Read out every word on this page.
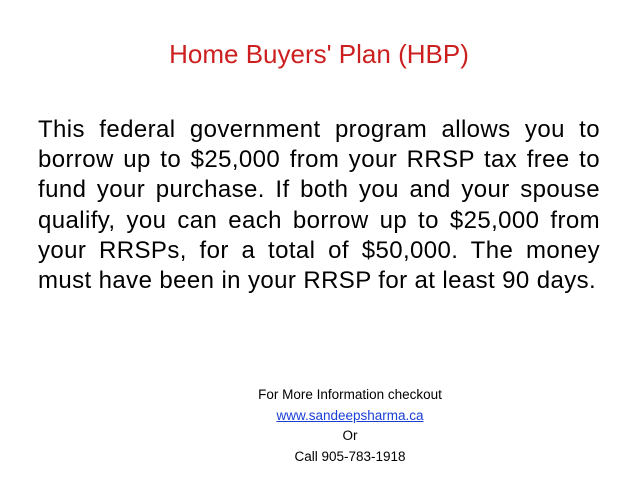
Home Buyers' Plan (HBP)
This federal government program allows you to borrow up to $25,000 from your RRSP tax free to fund your purchase. If both you and your spouse qualify, you can each borrow up to $25,000 from your RRSPs, for a total of $50,000. The money must have been in your RRSP for at least 90 days.
For More Information checkout
www.sandeepsharma.ca
Or
Call 905-783-1918
